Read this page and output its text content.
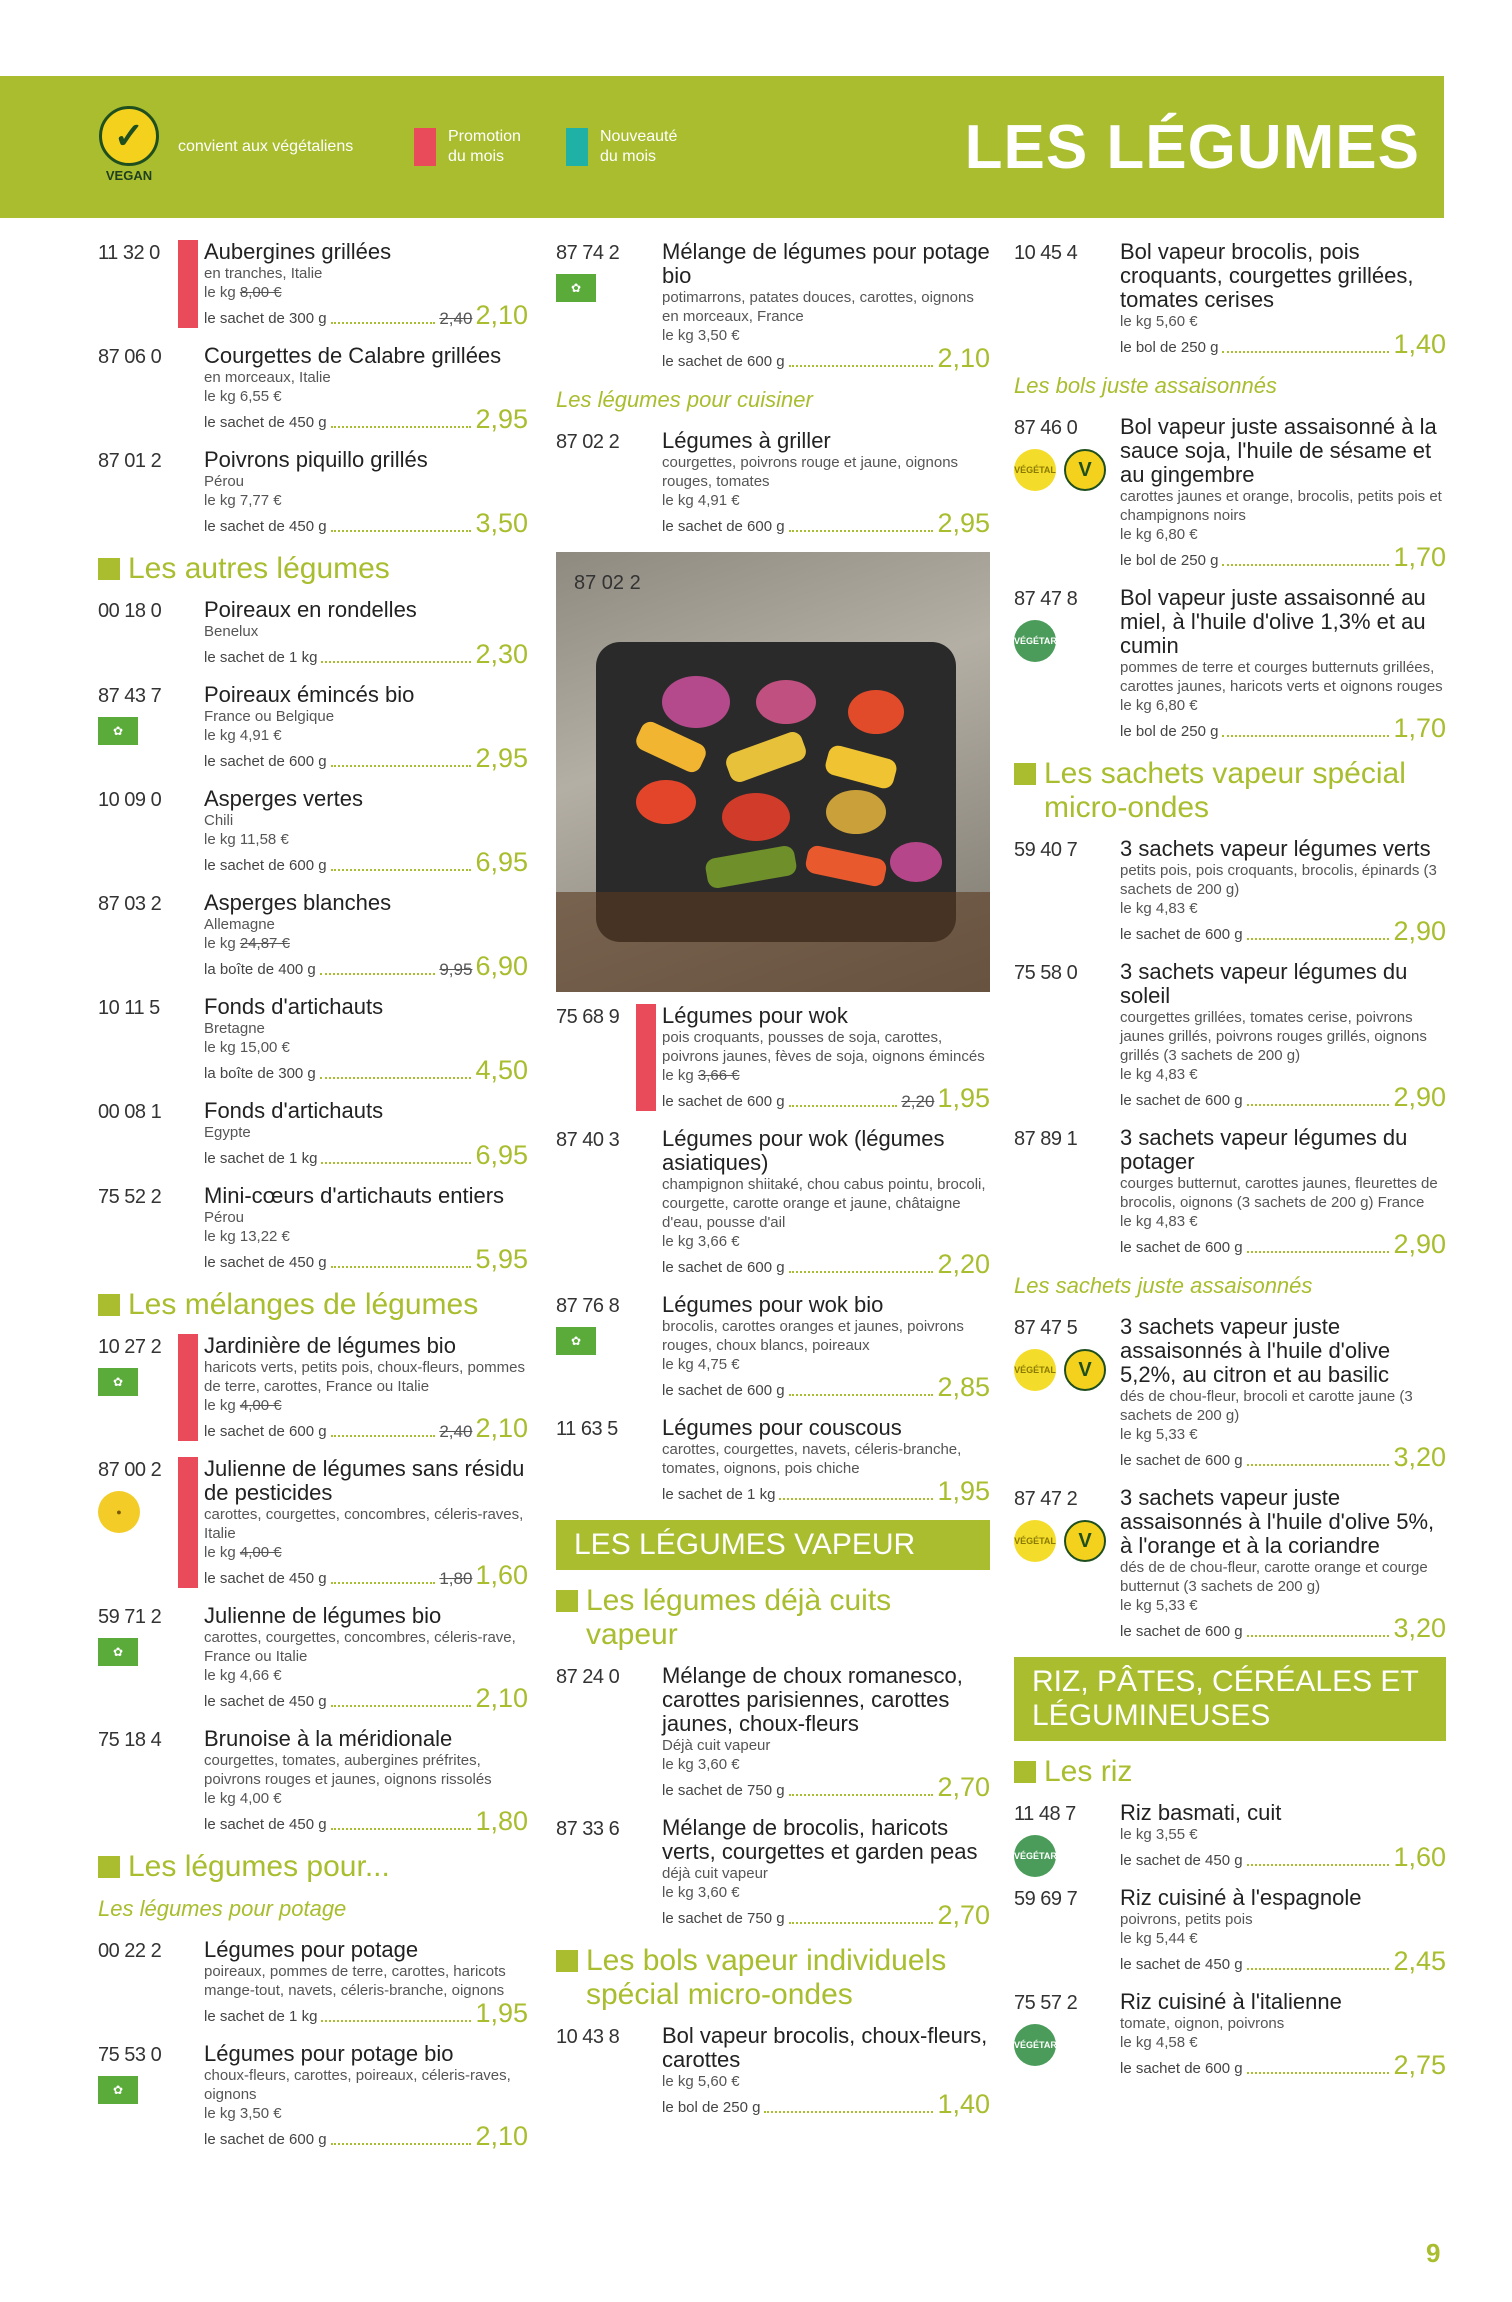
✓
VEGAN
convient aux végétaliens
Promotion
du mois
Nouveauté
du mois	LES LÉGUMES
11 32 0 Aubergines grillées
en tranches, Italie
le kg 8,00 €
le sachet de 300 g	2,40 2,10
87 06 0 Courgettes de Calabre grillées
en morceaux, Italie
le kg 6,55 €
le sachet de 450 g	2,95
87 01 2 Poivrons piquillo grillés
Pérou
le kg 7,77 €
le sachet de 450 g	3,50
Les autres légumes
00 18 0 Poireaux en rondelles
Benelux
le sachet de 1 kg	2,30
87 43 7
✿
Poireaux émincés bio
France ou Belgique
le kg 4,91 €
le sachet de 600 g	2,95
10 09 0 Asperges vertes
Chili
le kg 11,58 €
le sachet de 600 g	6,95
87 03 2 Asperges blanches
Allemagne
le kg 24,87 €
la boîte de 400 g	9,95 6,90
10 11 5 Fonds d'artichauts
Bretagne
le kg 15,00 €
la boîte de 300 g	4,50
00 08 1 Fonds d'artichauts
Egypte
le sachet de 1 kg	6,95
75 52 2 Mini-cœurs d'artichauts entiers
Pérou
le kg 13,22 €
le sachet de 450 g	5,95
Les mélanges de légumes
10 27 2
✿
Jardinière de légumes bio
haricots verts, petits pois, choux-fleurs, pommes de terre, carottes, France ou Italie
le kg 4,00 €
le sachet de 600 g	2,40 2,10
87 00 2
●
Julienne de légumes sans résidu de pesticides
carottes, courgettes, concombres, céleris-raves, Italie
le kg 4,00 €
le sachet de 450 g	1,80 1,60
59 71 2
✿
Julienne de légumes bio
carottes, courgettes, concombres, céleris-rave, France ou Italie
le kg 4,66 €
le sachet de 450 g	2,10
75 18 4 Brunoise à la méridionale
courgettes, tomates, aubergines préfrites, poivrons rouges et jaunes, oignons rissolés
le kg 4,00 €
le sachet de 450 g	1,80
Les légumes pour...
Les légumes pour potage
00 22 2 Légumes pour potage
poireaux, pommes de terre, carottes, haricots mange-tout, navets, céleris-branche, oignons
le sachet de 1 kg	1,95
75 53 0
✿
Légumes pour potage bio
choux-fleurs, carottes, poireaux, céleris-raves, oignons
le kg 3,50 €
le sachet de 600 g	2,10
87 74 2
✿
Mélange de légumes pour potage bio
potimarrons, patates douces, carottes, oignons en morceaux, France
le kg 3,50 €
le sachet de 600 g	2,10
Les légumes pour cuisiner
87 02 2 Légumes à griller
courgettes, poivrons rouge et jaune, oignons rouges, tomates
le kg 4,91 €
le sachet de 600 g	2,95
87 02 2
75 68 9 Légumes pour wok
pois croquants, pousses de soja, carottes, poivrons jaunes, fèves de soja, oignons émincés
le kg 3,66 €
le sachet de 600 g	2,20 1,95
87 40 3 Légumes pour wok (légumes asiatiques)
champignon shiitaké, chou cabus pointu, brocoli, courgette, carotte orange et jaune, châtaigne d'eau, pousse d'ail
le kg 3,66 €
le sachet de 600 g	2,20
87 76 8
✿
Légumes pour wok bio
brocolis, carottes oranges et jaunes, poivrons rouges, choux blancs, poireaux
le kg 4,75 €
le sachet de 600 g	2,85
11 63 5 Légumes pour couscous
carottes, courgettes, navets, céleris-branche, tomates, oignons, pois chiche
le sachet de 1 kg	1,95
LES LÉGUMES VAPEUR
Les légumes déjà cuits vapeur
87 24 0 Mélange de choux romanesco, carottes parisiennes, carottes jaunes, choux-fleurs
Déjà cuit vapeur
le kg 3,60 €
le sachet de 750 g	2,70
87 33 6 Mélange de brocolis, haricots verts, courgettes et garden peas
déjà cuit vapeur
le kg 3,60 €
le sachet de 750 g	2,70
Les bols vapeur individuels spécial micro-ondes
10 43 8 Bol vapeur brocolis, choux-fleurs, carottes
le kg 5,60 €
le bol de 250 g	1,40
10 45 4 Bol vapeur brocolis, pois croquants, courgettes grillées, tomates cerises
le kg 5,60 €
le bol de 250 g	1,40
Les bols juste assaisonnés
87 46 0
VÉGÉTAL	V
Bol vapeur juste assaisonné à la sauce soja, l'huile de sésame et au gingembre
carottes jaunes et orange, brocolis, petits pois et champignons noirs
le kg 6,80 €
le bol de 250 g	1,70
87 47 8
VÉGÉTARIEN
Bol vapeur juste assaisonné au miel, à l'huile d'olive 1,3% et au cumin
pommes de terre et courges butternuts grillées, carottes jaunes, haricots verts et oignons rouges
le kg 6,80 €
le bol de 250 g	1,70
Les sachets vapeur spécial micro-ondes
59 40 7 3 sachets vapeur légumes verts
petits pois, pois croquants, brocolis, épinards (3 sachets de 200 g)
le kg 4,83 €
le sachet de 600 g	2,90
75 58 0 3 sachets vapeur légumes du soleil
courgettes grillées, tomates cerise, poivrons jaunes grillés, poivrons rouges grillés, oignons grillés (3 sachets de 200 g)
le kg 4,83 €
le sachet de 600 g	2,90
87 89 1 3 sachets vapeur légumes du potager
courges butternut, carottes jaunes, fleurettes de brocolis, oignons (3 sachets de 200 g) France
le kg 4,83 €
le sachet de 600 g	2,90
Les sachets juste assaisonnés
87 47 5
VÉGÉTAL	V
3 sachets vapeur juste assaisonnés à l'huile d'olive 5,2%, au citron et au basilic
dés de chou-fleur, brocoli et carotte jaune (3 sachets de 200 g)
le kg 5,33 €
le sachet de 600 g	3,20
87 47 2
VÉGÉTAL	V
3 sachets vapeur juste assaisonnés à l'huile d'olive 5%, à l'orange et à la coriandre
dés de de chou-fleur, carotte orange et courge butternut (3 sachets de 200 g)
le kg 5,33 €
le sachet de 600 g	3,20
RIZ, PÂTES, CÉRÉALES ET LÉGUMINEUSES
Les riz
11 48 7
VÉGÉTARIEN
Riz basmati, cuit
le kg 3,55 €
le sachet de 450 g	1,60
59 69 7 Riz cuisiné à l'espagnole
poivrons, petits pois
le kg 5,44 €
le sachet de 450 g	2,45
75 57 2
VÉGÉTARIEN
Riz cuisiné à l'italienne
tomate, oignon, poivrons
le kg 4,58 €
le sachet de 600 g	2,75
9
